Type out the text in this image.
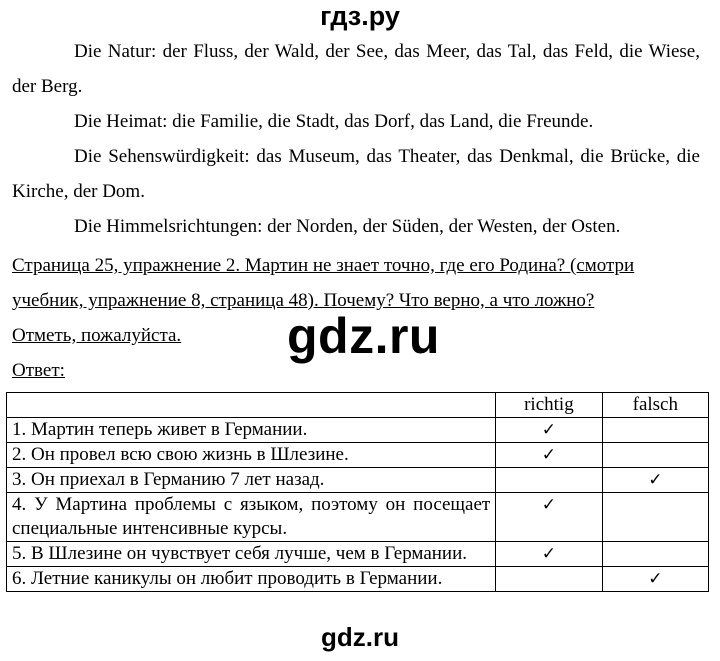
гдз.ру

Die Natur: der Fluss, der Wald, der See, das Meer, das Tal, das Feld, die Wiese, der Berg.

Die Heimat: die Familie, die Stadt, das Dorf, das Land, die Freunde.

Die Sehenswürdigkeit: das Museum, das Theater, das Denkmal, die Brücke, die Kirche, der Dom.

Die Himmelsrichtungen: der Norden, der Süden, der Westen, der Osten.

Страница 25, упражнение 2. Мартин не знает точно, где его Родина? (смотри

учебник, упражнение 8, страница 48). Почему? Что верно, а что ложно?

Отметь, пожалуйста.	gdz.ru
Ответ:
	richtig	falsch
1. Мартин теперь живет в Германии.	✓	
2. Он провел всю свою жизнь в Шлезине.	✓	
3. Он приехал в Германию 7 лет назад.		✓
4. У Мартина проблемы с языком, поэтому он посещает специальные интенсивные курсы.	✓	
5. В Шлезине он чувствует себя лучше, чем в Германии.	✓	
6. Летние каникулы он любит проводить в Германии.		✓
gdz.ru
